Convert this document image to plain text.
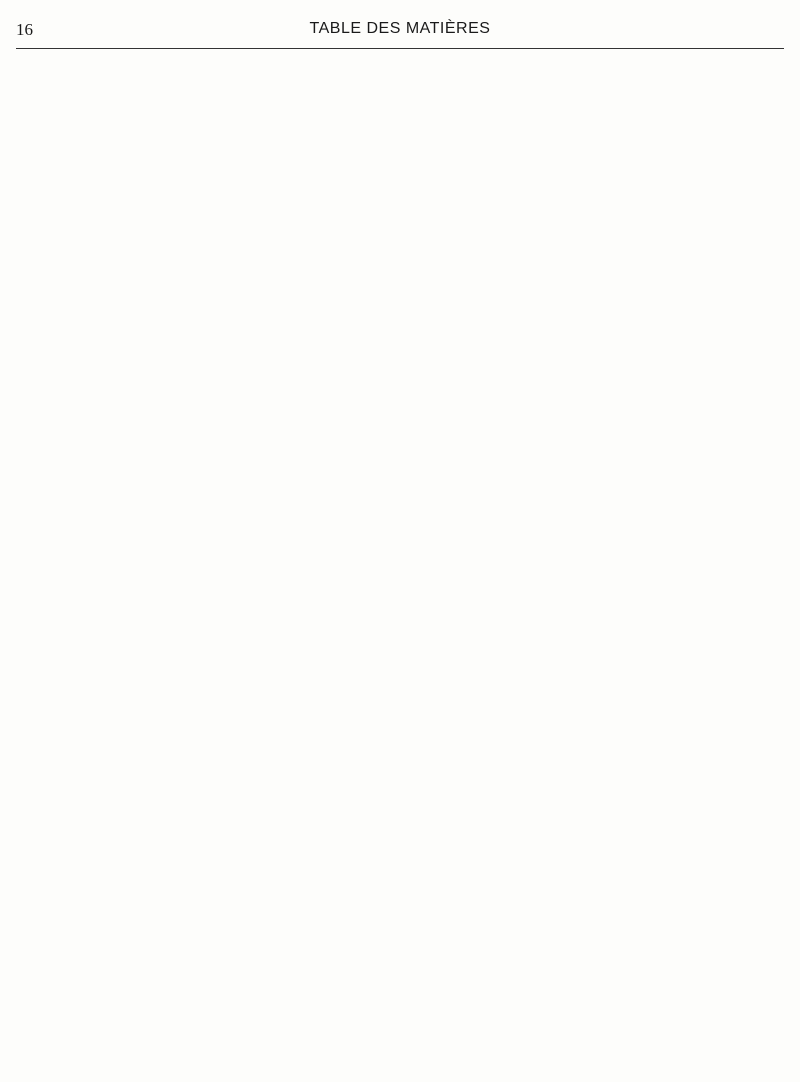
16	TABLE DES MATIÈRES
